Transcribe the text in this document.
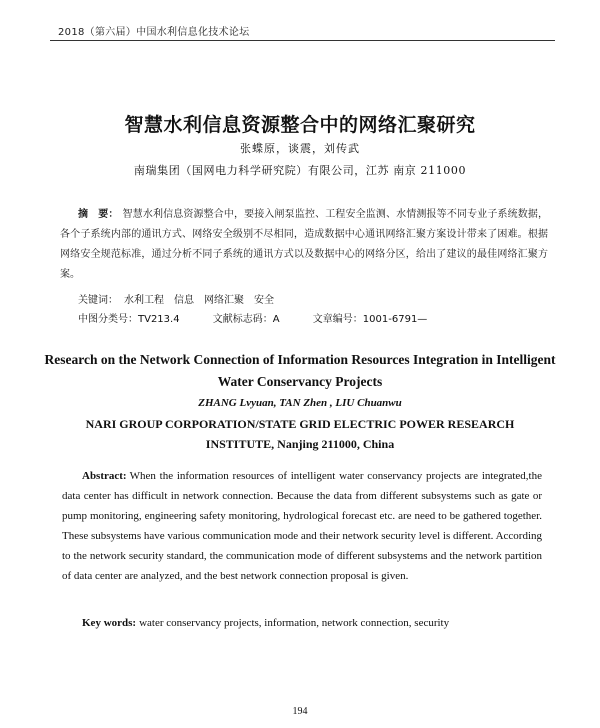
2018（第六届）中国水利信息化技术论坛
智慧水利信息资源整合中的网络汇聚研究
张蝶原，谈震，刘传武
南瑞集团（国网电力科学研究院）有限公司，江苏 南京 211000
摘　要： 智慧水利信息资源整合中，要接入闸泵监控、工程安全监测、水情测报等不同专业子系统数据，各个子系统内部的通讯方式、网络安全级别不尽相同，造成数据中心通讯网络汇聚方案设计带来了困难。根据网络安全规范标准，通过分析不同子系统的通讯方式以及数据中心的网络分区，给出了建议的最佳网络汇聚方案。
关键词： 水利工程　信息　网络汇聚　安全
中图分类号：TV213.4	文献标志码：A	文章编号：1001-6791—
Research on the Network Connection of Information Resources Integration in Intelligent Water Conservancy Projects
ZHANG Lvyuan, TAN Zhen , LIU Chuanwu
NARI GROUP CORPORATION/STATE GRID ELECTRIC POWER RESEARCH INSTITUTE, Nanjing 211000, China
Abstract: When the information resources of intelligent water conservancy projects are integrated,the data center has difficult in network connection. Because the data from different subsystems such as gate or pump monitoring, engineering safety monitoring, hydrological forecast etc. are need to be gathered together. These subsystems have various communication mode and their network security level is different. According to the network security standard, the communication mode of different subsystems and the network partition of data center are analyzed, and the best network connection proposal is given.
Key words: water conservancy projects, information, network connection, security
194
